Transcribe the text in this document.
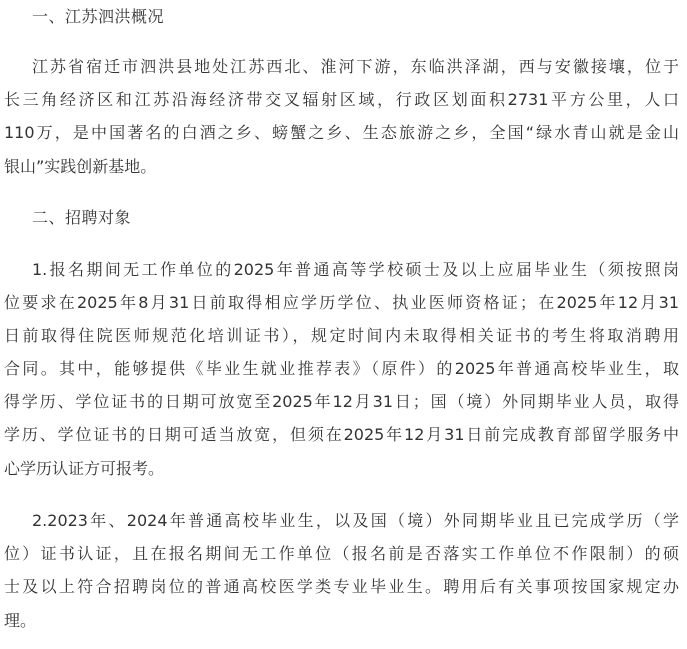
一、江苏泗洪概况
江苏省宿迁市泗洪县地处江苏西北、淮河下游，东临洪泽湖，西与安徽接壤，位于
长三角经济区和江苏沿海经济带交叉辐射区域，行政区划面积2731平方公里，人口
110万，是中国著名的白酒之乡、螃蟹之乡、生态旅游之乡，全国“绿水青山就是金山
银山”实践创新基地。
二、招聘对象
1.报名期间无工作单位的2025年普通高等学校硕士及以上应届毕业生（须按照岗
位要求在2025年8月31日前取得相应学历学位、执业医师资格证；在2025年12月31
日前取得住院医师规范化培训证书），规定时间内未取得相关证书的考生将取消聘用
合同。其中，能够提供《毕业生就业推荐表》（原件）的2025年普通高校毕业生，取
得学历、学位证书的日期可放宽至2025年12月31日；国（境）外同期毕业人员，取得
学历、学位证书的日期可适当放宽，但须在2025年12月31日前完成教育部留学服务中
心学历认证方可报考。
2.2023年、2024年普通高校毕业生，以及国（境）外同期毕业且已完成学历（学
位）证书认证，且在报名期间无工作单位（报名前是否落实工作单位不作限制）的硕
士及以上符合招聘岗位的普通高校医学类专业毕业生。聘用后有关事项按国家规定办
理。
